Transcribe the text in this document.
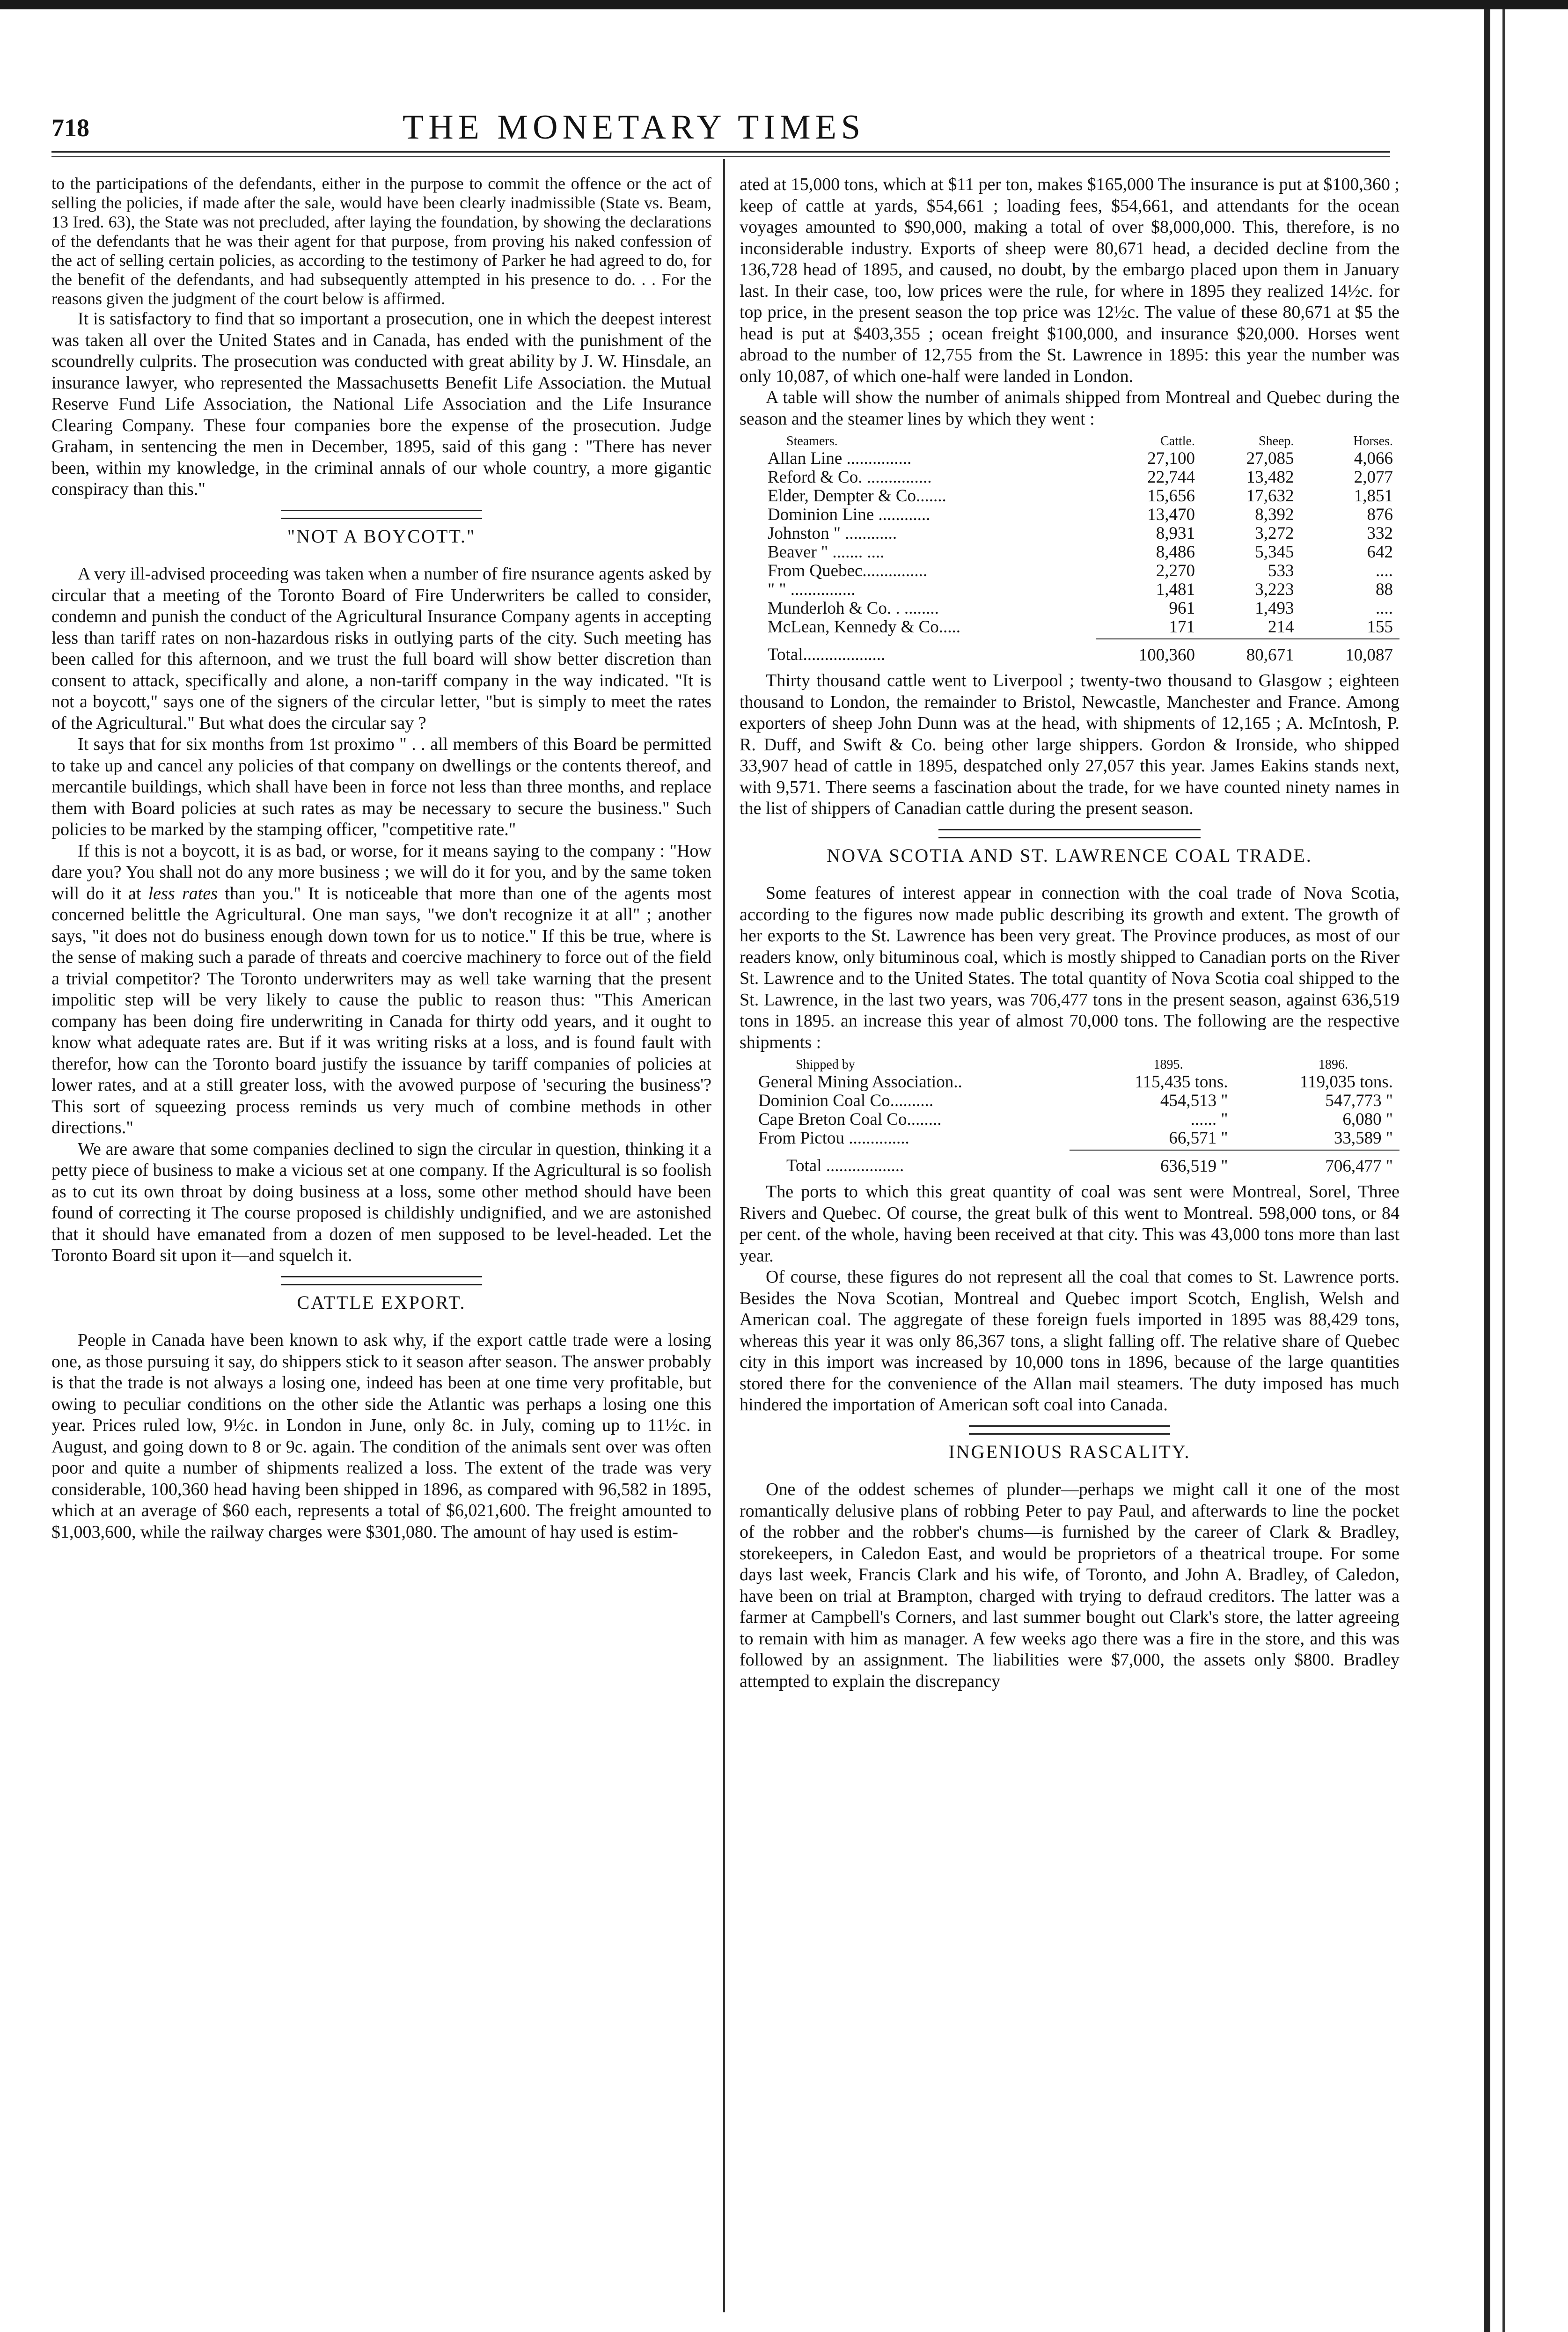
718	THE MONETARY TIMES

to the participations of the defendants, either in the purpose to commit the offence or the act of selling the policies, if made after the sale, would have been clearly inadmissible (State vs. Beam, 13 Ired. 63), the State was not precluded, after laying the foundation, by showing the declarations of the defendants that he was their agent for that purpose, from proving his naked confession of the act of selling certain policies, as according to the testimony of Parker he had agreed to do, for the benefit of the defendants, and had subsequently attempted in his presence to do. . . For the reasons given the judgment of the court below is affirmed.

It is satisfactory to find that so important a prosecution, one in which the deepest interest was taken all over the United States and in Canada, has ended with the punishment of the scoundrelly culprits. The prosecution was conducted with great ability by J. W. Hinsdale, an insurance lawyer, who represented the Massachusetts Benefit Life Association. the Mutual Reserve Fund Life Association, the National Life Association and the Life Insurance Clearing Company. These four companies bore the expense of the prosecution. Judge Graham, in sentencing the men in December, 1895, said of this gang : "There has never been, within my knowledge, in the criminal annals of our whole country, a more gigantic conspiracy than this."

"NOT A BOYCOTT."

A very ill-advised proceeding was taken when a number of fire nsurance agents asked by circular that a meeting of the Toronto Board of Fire Underwriters be called to consider, condemn and punish the conduct of the Agricultural Insurance Company agents in accepting less than tariff rates on non-hazardous risks in outlying parts of the city. Such meeting has been called for this afternoon, and we trust the full board will show better discretion than consent to attack, specifically and alone, a non-tariff company in the way indicated. "It is not a boycott," says one of the signers of the circular letter, "but is simply to meet the rates of the Agricultural." But what does the circular say ?

It says that for six months from 1st proximo " . . all members of this Board be permitted to take up and cancel any policies of that company on dwellings or the contents thereof, and mercantile buildings, which shall have been in force not less than three months, and replace them with Board policies at such rates as may be necessary to secure the business." Such policies to be marked by the stamping officer, "competitive rate."

If this is not a boycott, it is as bad, or worse, for it means saying to the company : "How dare you? You shall not do any more business ; we will do it for you, and by the same token will do it at less rates than you." It is noticeable that more than one of the agents most concerned belittle the Agricultural. One man says, "we don't recognize it at all" ; another says, "it does not do business enough down town for us to notice." If this be true, where is the sense of making such a parade of threats and coercive machinery to force out of the field a trivial competitor? The Toronto underwriters may as well take warning that the present impolitic step will be very likely to cause the public to reason thus: "This American company has been doing fire underwriting in Canada for thirty odd years, and it ought to know what adequate rates are. But if it was writing risks at a loss, and is found fault with therefor, how can the Toronto board justify the issuance by tariff companies of policies at lower rates, and at a still greater loss, with the avowed purpose of 'securing the business'? This sort of squeezing process reminds us very much of combine methods in other directions."

We are aware that some companies declined to sign the circular in question, thinking it a petty piece of business to make a vicious set at one company. If the Agricultural is so foolish as to cut its own throat by doing business at a loss, some other method should have been found of correcting it The course proposed is childishly undignified, and we are astonished that it should have emanated from a dozen of men supposed to be level-headed. Let the Toronto Board sit upon it—and squelch it.

CATTLE EXPORT.

People in Canada have been known to ask why, if the export cattle trade were a losing one, as those pursuing it say, do shippers stick to it season after season. The answer probably is that the trade is not always a losing one, indeed has been at one time very profitable, but owing to peculiar conditions on the other side the Atlantic was perhaps a losing one this year. Prices ruled low, 9½c. in London in June, only 8c. in July, coming up to 11½c. in August, and going down to 8 or 9c. again. The condition of the animals sent over was often poor and quite a number of shipments realized a loss. The extent of the trade was very considerable, 100,360 head having been shipped in 1896, as compared with 96,582 in 1895, which at an average of $60 each, represents a total of $6,021,600. The freight amounted to $1,003,600, while the railway charges were $301,080. The amount of hay used is estim-

ated at 15,000 tons, which at $11 per ton, makes $165,000 The insurance is put at $100,360 ; keep of cattle at yards, $54,661 ; loading fees, $54,661, and attendants for the ocean voyages amounted to $90,000, making a total of over $8,000,000. This, therefore, is no inconsiderable industry. Exports of sheep were 80,671 head, a decided decline from the 136,728 head of 1895, and caused, no doubt, by the embargo placed upon them in January last. In their case, too, low prices were the rule, for where in 1895 they realized 14½c. for top price, in the present season the top price was 12½c. The value of these 80,671 at $5 the head is put at $403,355 ; ocean freight $100,000, and insurance $20,000. Horses went abroad to the number of 12,755 from the St. Lawrence in 1895: this year the number was only 10,087, of which one-half were landed in London.

A table will show the number of animals shipped from Montreal and Quebec during the season and the steamer lines by which they went :

Steamers.	Cattle.	Sheep.	Horses.
Allan Line ...............	27,100	27,085	4,066
Reford & Co. ...............	22,744	13,482	2,077
Elder, Dempter & Co.......	15,656	17,632	1,851
Dominion Line ............	13,470	8,392	876
Johnston " ............	8,931	3,272	332
Beaver " ....... ....	8,486	5,345	642
From Quebec...............	2,270	533	....
" " ...............	1,481	3,223	88
Munderloh & Co. . ........	961	1,493	....
McLean, Kennedy & Co.....	171	214	155

Total...................	100,360	80,671	10,087

Thirty thousand cattle went to Liverpool ; twenty-two thousand to Glasgow ; eighteen thousand to London, the remainder to Bristol, Newcastle, Manchester and France. Among exporters of sheep John Dunn was at the head, with shipments of 12,165 ; A. McIntosh, P. R. Duff, and Swift & Co. being other large shippers. Gordon & Ironside, who shipped 33,907 head of cattle in 1895, despatched only 27,057 this year. James Eakins stands next, with 9,571. There seems a fascination about the trade, for we have counted ninety names in the list of shippers of Canadian cattle during the present season.

NOVA SCOTIA AND ST. LAWRENCE COAL TRADE.

Some features of interest appear in connection with the coal trade of Nova Scotia, according to the figures now made public describing its growth and extent. The growth of her exports to the St. Lawrence has been very great. The Province produces, as most of our readers know, only bituminous coal, which is mostly shipped to Canadian ports on the River St. Lawrence and to the United States. The total quantity of Nova Scotia coal shipped to the St. Lawrence, in the last two years, was 706,477 tons in the present season, against 636,519 tons in 1895. an increase this year of almost 70,000 tons. The following are the respective shipments :

Shipped by	1895.	1896.
General Mining Association..	115,435 tons.	119,035 tons.
Dominion Coal Co..........	454,513 "	547,773 "
Cape Breton Coal Co........	...... "	6,080 "
From Pictou ..............	66,571 "	33,589 "

Total ..................	636,519 "	706,477 "

The ports to which this great quantity of coal was sent were Montreal, Sorel, Three Rivers and Quebec. Of course, the great bulk of this went to Montreal. 598,000 tons, or 84 per cent. of the whole, having been received at that city. This was 43,000 tons more than last year.

Of course, these figures do not represent all the coal that comes to St. Lawrence ports. Besides the Nova Scotian, Montreal and Quebec import Scotch, English, Welsh and American coal. The aggregate of these foreign fuels imported in 1895 was 88,429 tons, whereas this year it was only 86,367 tons, a slight falling off. The relative share of Quebec city in this import was increased by 10,000 tons in 1896, because of the large quantities stored there for the convenience of the Allan mail steamers. The duty imposed has much hindered the importation of American soft coal into Canada.

INGENIOUS RASCALITY.

One of the oddest schemes of plunder—perhaps we might call it one of the most romantically delusive plans of robbing Peter to pay Paul, and afterwards to line the pocket of the robber and the robber's chums—is furnished by the career of Clark & Bradley, storekeepers, in Caledon East, and would be proprietors of a theatrical troupe. For some days last week, Francis Clark and his wife, of Toronto, and John A. Bradley, of Caledon, have been on trial at Brampton, charged with trying to defraud creditors. The latter was a farmer at Campbell's Corners, and last summer bought out Clark's store, the latter agreeing to remain with him as manager. A few weeks ago there was a fire in the store, and this was followed by an assignment. The liabilities were $7,000, the assets only $800. Bradley attempted to explain the discrepancy
